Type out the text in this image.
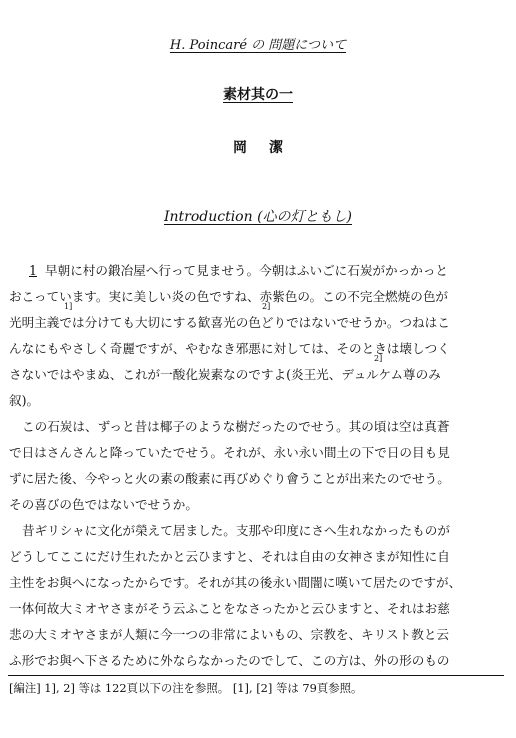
H. Poincaré の 問題について
素材其の一
岡潔
Introduction (心の灯ともし)
1 早朝に村の鍛冶屋へ行って見ませう。今朝はふいごに石炭がかっかっと
おこっています。実に美しい炎の色ですね、赤紫色の。この不完全燃焼の色が
光明主義では分けても大切にする歓喜光の色どりではないでせうか。つねはこ
んなにもやさしく奇麗ですが、やむなき邪悪に対しては、そのときは壊しつく
さないではやまぬ、これが一酸化炭素なのですよ(炎王光、デュルケム尊のみ
叙)。
この石炭は、ずっと昔は椰子のような樹だったのでせう。其の頃は空は真蒼
で日はさんさんと降っていたでせう。それが、永い永い間土の下で日の目も見
ずに居た後、今やっと火の素の酸素に再びめぐり會うことが出来たのでせう。
その喜びの色ではないでせうか。
昔ギリシャに文化が榮えて居ました。支那や印度にさへ生れなかったものが
どうしてここにだけ生れたかと云ひますと、それは自由の女神さまが知性に自
主性をお與へになったからです。それが其の後永い間闇に嘆いて居たのですが、
一体何故大ミオヤさまがそう云ふことをなさったかと云ひますと、それはお慈
悲の大ミオヤさまが人類に今一つの非常によいもの、宗教を、キリスト教と云
ふ形でお與へ下さるために外ならなかったのでして、この方は、外の形のもの
1]	2]
2]
[編注] 1], 2] 等は 122頁以下の注を参照。 [1], [2] 等は 79頁参照。
